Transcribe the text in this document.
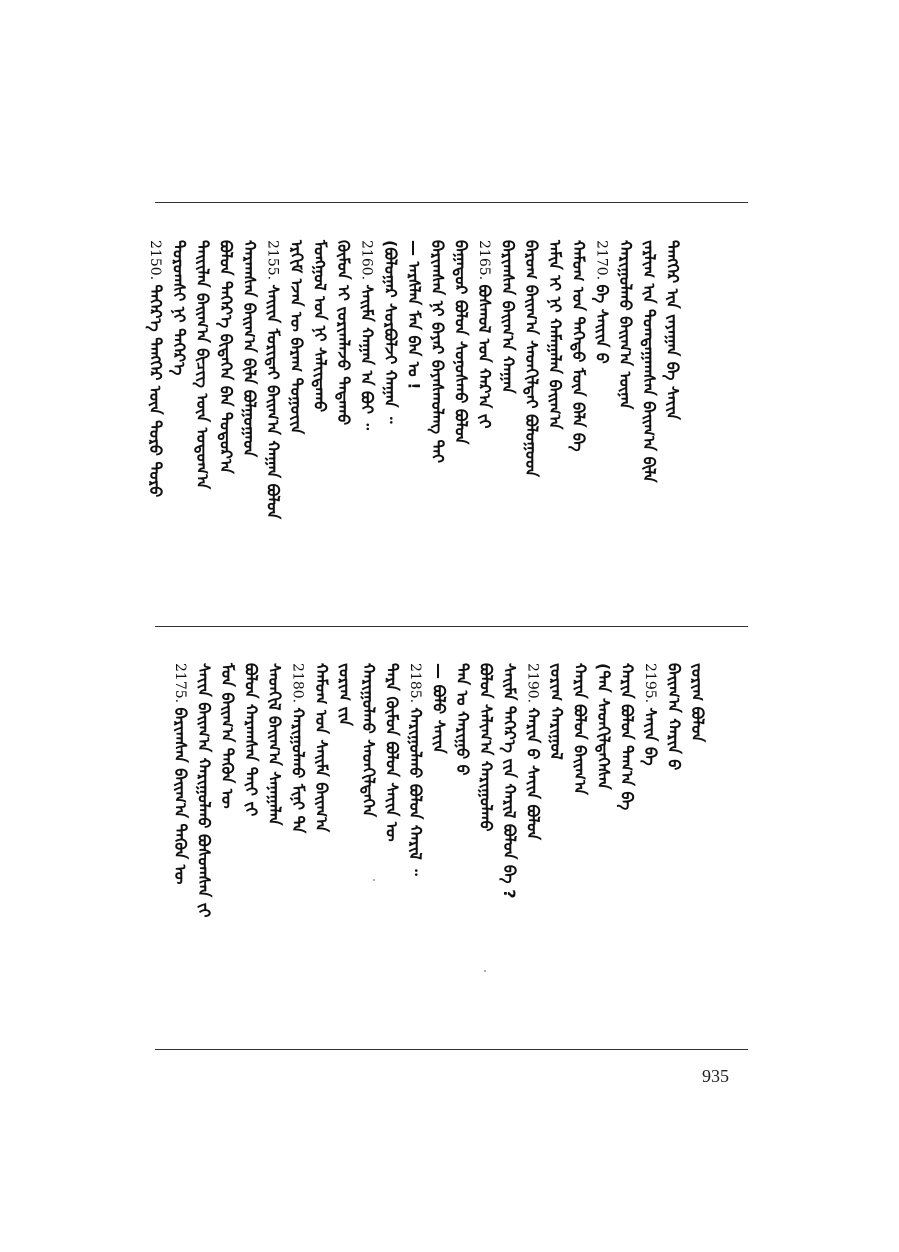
2150. ᠳᠡᠭᠡᠷ᠎ᠡ ᠲᠡᠩᠭᠡᠷ ᠦᠨ ᠳᠣᠷᠣ ᠳᠣᠷᠣ ᠳᠣᠷᠣᠭᠰᠢ ᠨᠢ ᠳᠡᠭᠡᠷ᠎ᠡ ᠲᠠᠢᠢᠯᠠᠨ ᠪᠠᠢᠭ᠎ᠠ ᠪᠢᠴᠢᠭ ᠦᠨ ᠤᠲᠤᠭ᠎ᠠ ᠪᠣᠯᠤᠨ ᠳᠡᠭᠡᠷ᠎ᠡ ᠪᠢᠲᠡᠭᠡᠨ ᠪᠠᠨ ᠳᠣᠲᠣᠷ᠎ᠠ ᠬᠠᠷᠠᠭᠰᠠᠨ ᠪᠠᠢᠭ᠎ᠠ ᠪᠢᠯᠡ ᠪᠣᠯᠭᠣᠭᠠᠳ 2155. ᠰᠠᠢᠢᠨ ᠮᠣᠷᠢᠲᠠᠢ ᠪᠠᠢᠭ᠎ᠠ ᠬᠠᠭᠠᠨ ᠪᠣᠯᠤᠨ ᠡᠷᠬᠢᠮ ᠡᠵᠡᠨ ᠦ ᠪᠠᠷᠠᠭ ᠳᠣᠭᠣᠶ᠋ᠢᠨ ᠮᠣᠩᠭᠣᠯ ᠤᠨ ᠨᠢ ᠰᠠᠯᠢᠢᠳᠠᠬᠤ ᠬᠦᠮᠦᠨ ᠢ ᠵᠣᠷᠢᠭᠯᠠᠵᠤ ᠲᠠᠲᠠᠬᠤ 2160. ᠰᠡᠢᠮᠡ ᠬᠠᠭᠠᠨ ᠠ ᠪᠣᠢ ᠃ (ᠪᠤᠯᠤᠭᠠᠷ ᠰᠣᠷᠪᠣᠯᠵᠢ ᠬᠠᠭᠠᠨ ᠃ — ᠠᠷᠰᠯᠠᠨ ᠮᠠᠨ ᠪᠠᠨ ᠤ ! ᠪᠠᠷᠢᠭᠰᠠᠨ ᠨᠢ ᠪᠠᠶᠠᠷ ᠪᠠᠶᠠᠰᠬᠤᠯᠠᠩ ᠲᠠᠢ ᠪᠠᠭᠠᠳᠤᠷ ᠪᠣᠯᠤᠨ ᠰᠣᠨᠣᠰᠬᠤ ᠪᠣᠯᠣᠨ 2165. ᠪᠣᠰᠬᠤᠯ ᠤᠨ ᠬᠠᠷ᠎ᠠ ᠶ᠋ᠢ ᠪᠠᠷᠢᠭᠰᠠᠨ ᠪᠠᠢᠭ᠎ᠠ ᠬᠠᠭᠠᠨ ᠪᠠᠷᠤᠭ ᠪᠠᠢᠭ᠎ᠠ ᠰᠡᠳᠬᠢᠯᠲᠡᠢ ᠪᠣᠯᠣᠭᠣᠳ ᠠᠮᠢᠨ ᠢ ᠨᠢ ᠬᠠᠮᠠᠭᠠᠯᠠᠨ ᠪᠠᠢᠭ᠎ᠠ ᠬᠠᠮᠤᠭ ᠤᠨ ᠳᠡᠭᠡᠳᠦ ᠮᠦᠨ ᠪᠡᠯᠡ ᠪᠠ 2170. ᠪᠠ ᠰᠠᠢᠢᠨ ᠪ ᠬᠠᠷᠢᠭᠤᠯᠬᠤ ᠪᠠᠢᠭ᠎ᠠ ᠦᠨᠡᠨ ᠵᠠᠷᠯᠢᠭ ᠢᠨ ᠲᠣᠭᠲᠠᠭᠠᠭᠰᠠᠨ ᠪᠠᠢᠭ᠎ᠠ ᠪᠢᠯᠡ ᠲᠡᠩᠭᠡᠷ ᠢᠨ ᠵᠠᠶᠠᠭᠠᠨ ᠪᠠ ᠰᠠᠶ᠋ᠢᠨ
2175. ᠪᠠᠷᠢᠭᠰᠠᠨ ᠪᠠᠢᠭ᠎ᠠ ᠲᠡᠭᠦᠨ ᠦ ᠰᠠᠶ᠋ᠢᠨ ᠪᠠᠢᠭ᠎ᠠ ᠬᠠᠷᠢᠭᠤᠯᠬᠤ ᠪᠤᠰᠤᠭᠰᠠᠨ ᠶ᠋ᠢ ᠮᠣᠨ ᠪᠠᠢᠭ᠎ᠠ ᠲᠡᠭᠦᠨ ᠦ ᠪᠣᠯᠤᠨ ᠬᠠᠷᠠᠭᠰᠠᠨ ᠲᠠᠶ᠋ᠢ ᠶ᠋ᠢ ᠰᠡᠳᠬᠢᠯ ᠪᠠᠢᠭ᠎ᠠ ᠰᠠᠨᠠᠭᠠᠯᠠᠨ 2180. ᠬᠠᠷᠢᠭᠤᠯᠬᠤ ᠮᠢᠨᠢ ᠲᠠ ᠬᠠᠮᠤᠭ ᠤᠨ ᠰᠡᠢᠮᠡ ᠪᠠᠢᠭ᠎ᠠ ᠵᠣᠷᠢᠭ ᠶ᠋ᠢᠨ ᠬᠠᠷᠢᠭᠤᠯᠬᠤ ᠰᠡᠳᠬᠢᠯᠳᠡᠭᠡᠨ ᠲᠡᠷᠡ ᠬᠦᠮᠦᠨ ᠪᠣᠯᠤᠨ ᠰᠠᠶ᠋ᠢᠨ ᠦ 2185. ᠬᠠᠷᠢᠭᠤᠯᠬᠤ ᠪᠣᠯᠤᠨ ᠬᠠᠷᠢᠯ ᠃ — ᠪᠣᠯᠤ ᠰᠠᠶ᠋ᠢᠨ ᠲᠠᠨ ᠤ ᠬᠠᠷᠢᠭᠤ ᠪ ᠪᠣᠯᠤᠨ ᠰᠠᠯᠢᠭ᠎ᠠ ᠬᠠᠷᠢᠭᠤᠯᠬᠤ ᠰᠡᠢᠮᠡ ᠳᠡᠭᠡᠷ᠎ᠡ ᠶ᠋ᠢᠨ ᠬᠠᠷᠢᠯ ᠪᠣᠯᠣᠨ ᠪᠠ ? 2190. ᠬᠠᠷᠢᠨ ᠪ ᠰᠠᠶ᠋ᠢᠨ ᠪᠣᠯᠤᠨ ᠵᠣᠷᠢᠭ ᠬᠠᠷᠢᠭᠤᠯ ᠬᠠᠷᠢᠨ ᠪᠣᠯᠤᠨ ᠪᠠᠢᠭ᠎ᠠ (ᠲᠠᠨ ᠰᠡᠳᠬᠢᠯᠳᠡᠭᠡᠰᠡᠨ ᠬᠠᠷᠢᠨ ᠪᠣᠯᠤᠨ ᠳᠠᠭ᠎ᠠ ᠪᠠ 2195. ᠰᠠᠶ᠋ᠢᠨ ᠪᠠ ᠪᠠᠢᠭ᠎ᠠ ᠬᠠᠷᠢᠨ ᠪ ᠵᠣᠷᠢᠭ ᠪᠣᠯᠤᠨ
935
